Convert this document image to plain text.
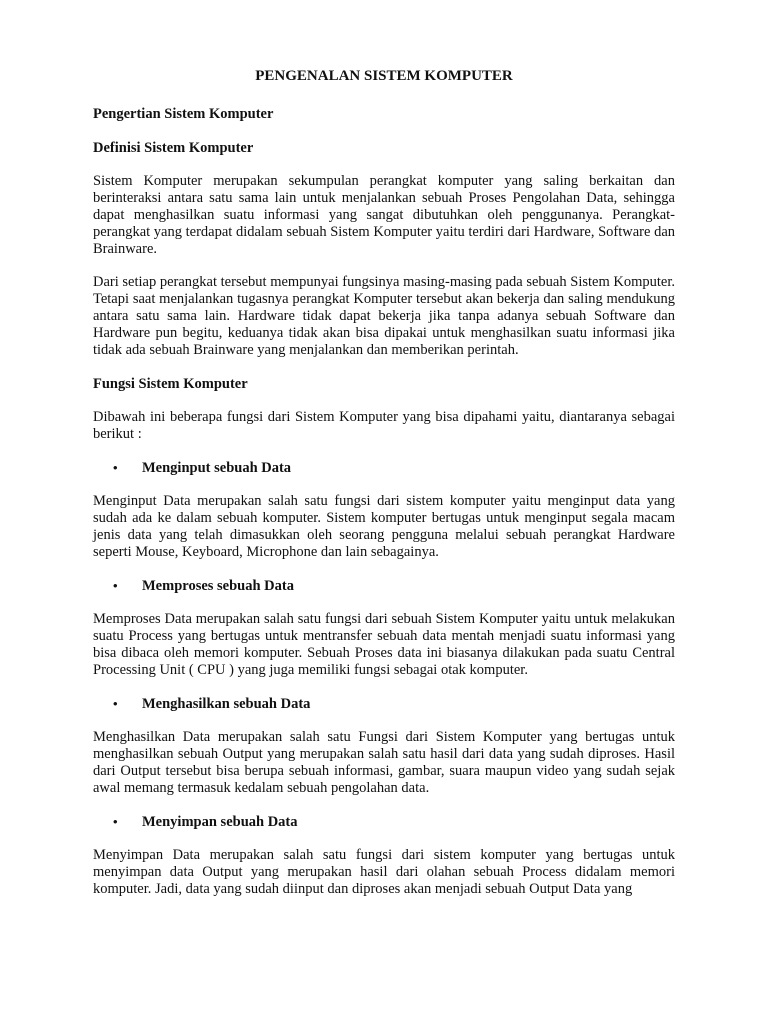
PENGENALAN SISTEM KOMPUTER
Pengertian Sistem Komputer
Definisi Sistem Komputer
Sistem Komputer merupakan sekumpulan perangkat komputer yang saling berkaitan dan berinteraksi antara satu sama lain untuk menjalankan sebuah Proses Pengolahan Data, sehingga dapat menghasilkan suatu informasi yang sangat dibutuhkan oleh penggunanya. Perangkat-perangkat yang terdapat didalam sebuah Sistem Komputer yaitu terdiri dari Hardware, Software dan Brainware.
Dari setiap perangkat tersebut mempunyai fungsinya masing-masing pada sebuah Sistem Komputer. Tetapi saat menjalankan tugasnya perangkat Komputer tersebut akan bekerja dan saling mendukung antara satu sama lain. Hardware tidak dapat bekerja jika tanpa adanya sebuah Software dan Hardware pun begitu, keduanya tidak akan bisa dipakai untuk menghasilkan suatu informasi jika tidak ada sebuah Brainware yang menjalankan dan memberikan perintah.
Fungsi Sistem Komputer
Dibawah ini beberapa fungsi dari Sistem Komputer yang bisa dipahami yaitu, diantaranya sebagai berikut :
•	Menginput sebuah Data
Menginput Data merupakan salah satu fungsi dari sistem komputer yaitu menginput data yang sudah ada ke dalam sebuah komputer. Sistem komputer bertugas untuk menginput segala macam jenis data yang telah dimasukkan oleh seorang pengguna melalui sebuah perangkat Hardware seperti Mouse, Keyboard, Microphone dan lain sebagainya.
•	Memproses sebuah Data
Memproses Data merupakan salah satu fungsi dari sebuah Sistem Komputer yaitu untuk melakukan suatu Process yang bertugas untuk mentransfer sebuah data mentah menjadi suatu informasi yang bisa dibaca oleh memori komputer. Sebuah Proses data ini biasanya dilakukan pada suatu Central Processing Unit ( CPU ) yang juga memiliki fungsi sebagai otak komputer.
•	Menghasilkan sebuah Data
Menghasilkan Data merupakan salah satu Fungsi dari Sistem Komputer yang bertugas untuk menghasilkan sebuah Output yang merupakan salah satu hasil dari data yang sudah diproses. Hasil dari Output tersebut bisa berupa sebuah informasi, gambar, suara maupun video yang sudah sejak awal memang termasuk kedalam sebuah pengolahan data.
•	Menyimpan sebuah Data
Menyimpan Data merupakan salah satu fungsi dari sistem komputer yang bertugas untuk menyimpan data Output yang merupakan hasil dari olahan sebuah Process didalam memori komputer. Jadi, data yang sudah diinput dan diproses akan menjadi sebuah Output Data yang
